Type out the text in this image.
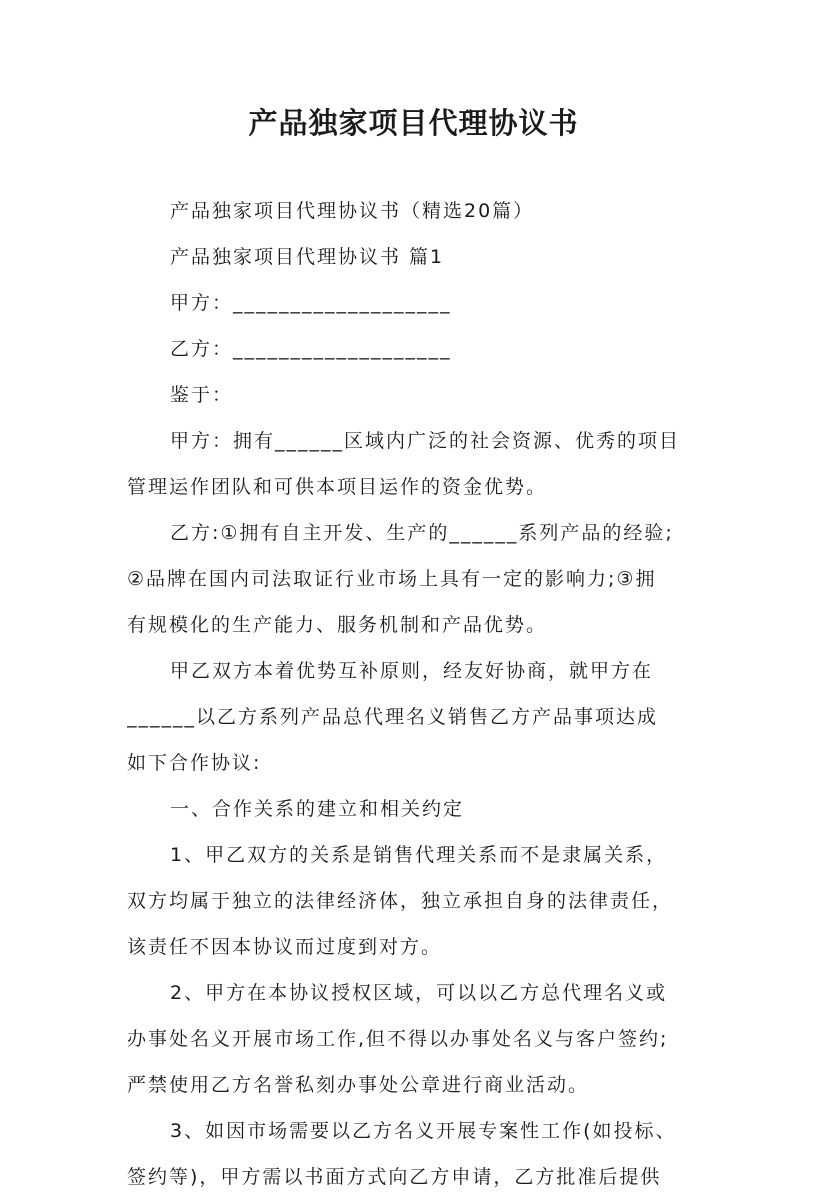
产品独家项目代理协议书
产品独家项目代理协议书（精选20篇）
产品独家项目代理协议书 篇1
甲方：___________________
乙方：___________________
鉴于：
甲方：拥有______区域内广泛的社会资源、优秀的项目
管理运作团队和可供本项目运作的资金优势。
乙方:①拥有自主开发、生产的______系列产品的经验;
②品牌在国内司法取证行业市场上具有一定的影响力;③拥
有规模化的生产能力、服务机制和产品优势。
甲乙双方本着优势互补原则，经友好协商，就甲方在
______以乙方系列产品总代理名义销售乙方产品事项达成
如下合作协议:
一、合作关系的建立和相关约定
1、甲乙双方的关系是销售代理关系而不是隶属关系，
双方均属于独立的法律经济体，独立承担自身的法律责任，
该责任不因本协议而过度到对方。
2、甲方在本协议授权区域，可以以乙方总代理名义或
办事处名义开展市场工作,但不得以办事处名义与客户签约;
严禁使用乙方名誉私刻办事处公章进行商业活动。
3、如因市场需要以乙方名义开展专案性工作(如投标、
签约等)，甲方需以书面方式向乙方申请，乙方批准后提供
